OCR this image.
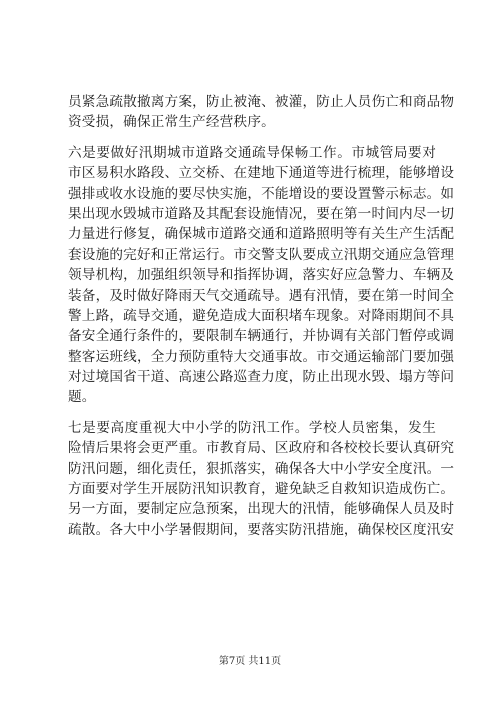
员紧急疏散撤离方案，防止被淹、被灌，防止人员伤亡和商品物
资受损，确保正常生产经营秩序。
六是要做好汛期城市道路交通疏导保畅工作。市城管局要对
市区易积水路段、立交桥、在建地下通道等进行梳理，能够增设
强排或收水设施的要尽快实施，不能增设的要设置警示标志。如
果出现水毁城市道路及其配套设施情况，要在第一时间内尽一切
力量进行修复，确保城市道路交通和道路照明等有关生产生活配
套设施的完好和正常运行。市交警支队要成立汛期交通应急管理
领导机构，加强组织领导和指挥协调，落实好应急警力、车辆及
装备，及时做好降雨天气交通疏导。遇有汛情，要在第一时间全
警上路，疏导交通，避免造成大面积堵车现象。对降雨期间不具
备安全通行条件的，要限制车辆通行，并协调有关部门暂停或调
整客运班线，全力预防重特大交通事故。市交通运输部门要加强
对过境国省干道、高速公路巡查力度，防止出现水毁、塌方等问
题。
七是要高度重视大中小学的防汛工作。学校人员密集，发生
险情后果将会更严重。市教育局、区政府和各校校长要认真研究
防汛问题，细化责任，狠抓落实，确保各大中小学安全度汛。一
方面要对学生开展防汛知识教育，避免缺乏自救知识造成伤亡。
另一方面，要制定应急预案，出现大的汛情，能够确保人员及时
疏散。各大中小学暑假期间，要落实防汛措施，确保校区度汛安
第7页 共11页
